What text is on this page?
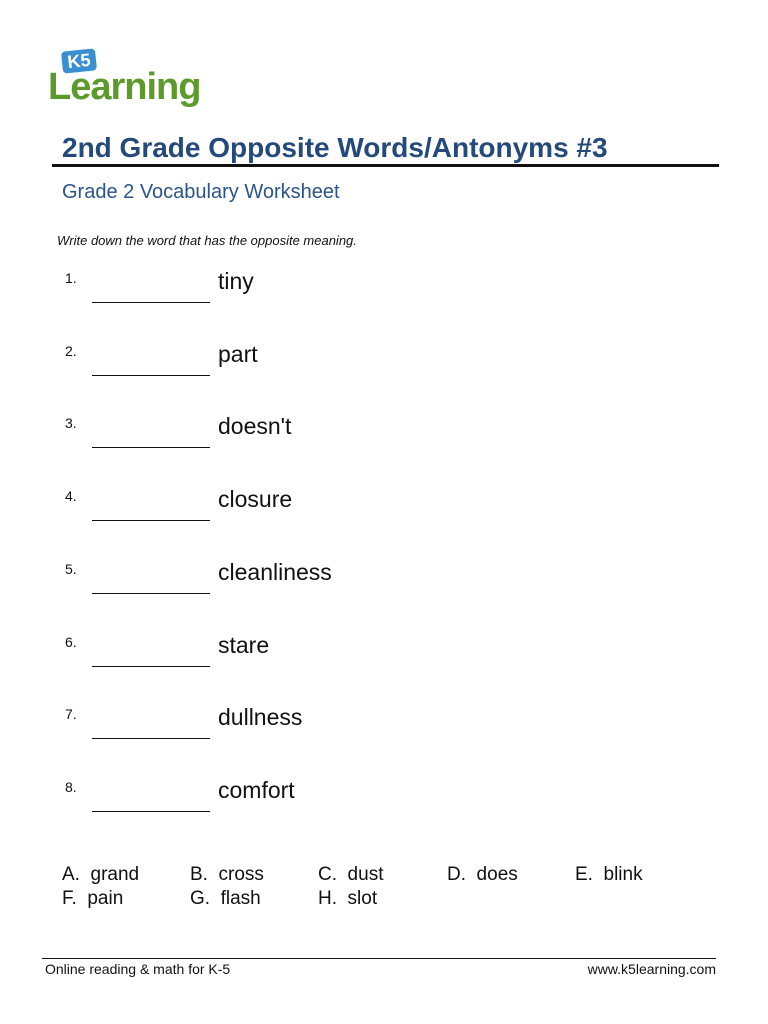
K5
Learning
2nd Grade Opposite Words/Antonyms #3
Grade 2 Vocabulary Worksheet
Write down the word that has the opposite meaning.
1.	tiny
2.	part
3.	doesn't
4.	closure
5.	cleanliness
6.	stare
7.	dullness
8.	comfort
A.  grand	B.  cross	C.  dust	D.  does	E.  blink
F.  pain	G.  flash	H.  slot
Online reading & math for K-5	www.k5learning.com
